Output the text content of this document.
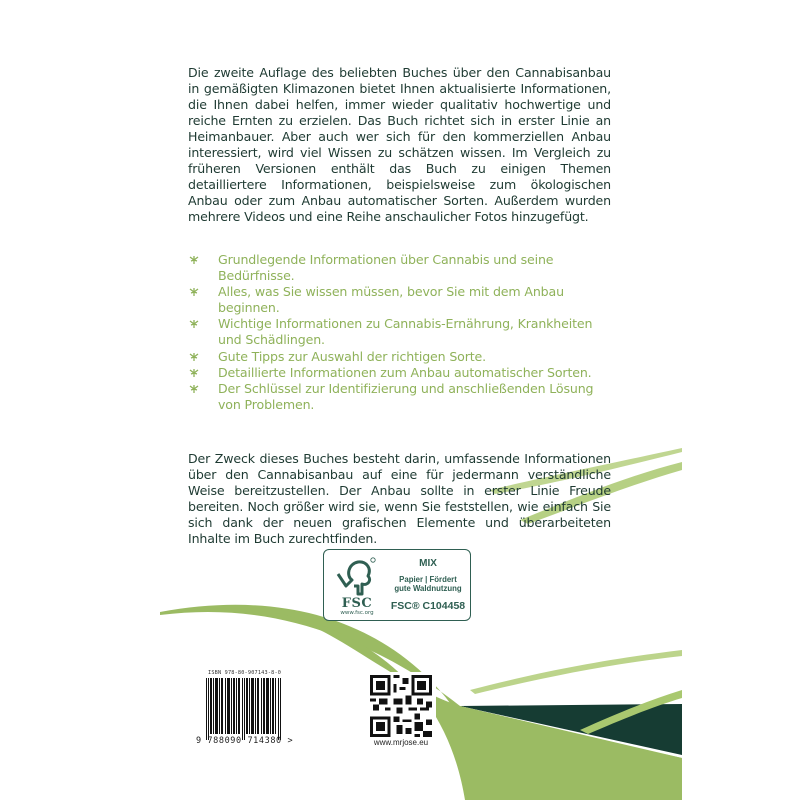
Die zweite Auflage des beliebten Buches über den Cannabisanbau in gemäßigten Klimazonen bietet Ihnen aktualisierte Informationen, die Ihnen dabei helfen, immer wieder qualitativ hochwertige und reiche Ernten zu erzielen. Das Buch richtet sich in erster Linie an Heimanbauer. Aber auch wer sich für den kommerziellen Anbau interessiert, wird viel Wissen zu schätzen wissen. Im Vergleich zu früheren Versionen enthält das Buch zu einigen Themen detailliertere Informationen, beispielsweise zum ökologischen Anbau oder zum Anbau automatischer Sorten. Außerdem wurden mehrere Videos und eine Reihe anschaulicher Fotos hinzugefügt.

Grundlegende Informationen über Cannabis und seine Bedürfnisse.
Alles, was Sie wissen müssen, bevor Sie mit dem Anbau beginnen.
Wichtige Informationen zu Cannabis-Ernährung, Krankheiten und Schädlingen.
Gute Tipps zur Auswahl der richtigen Sorte.
Detaillierte Informationen zum Anbau automatischer Sorten.
Der Schlüssel zur Identifizierung und anschließenden Lösung von Problemen.

Der Zweck dieses Buches besteht darin, umfassende Informationen über den Cannabisanbau auf eine für jedermann verständliche Weise bereitzustellen. Der Anbau sollte in erster Linie Freude bereiten. Noch größer wird sie, wenn Sie feststellen, wie einfach Sie sich dank der neuen grafischen Elemente und überarbeiteten Inhalte im Buch zurechtfinden.

FSC
www.fsc.org
MIX
Papier | Fördert
gute Waldnutzung
FSC® C104458
ISBN 978-80-907143-8-0
9 788090 714380 >	www.mrjose.eu
